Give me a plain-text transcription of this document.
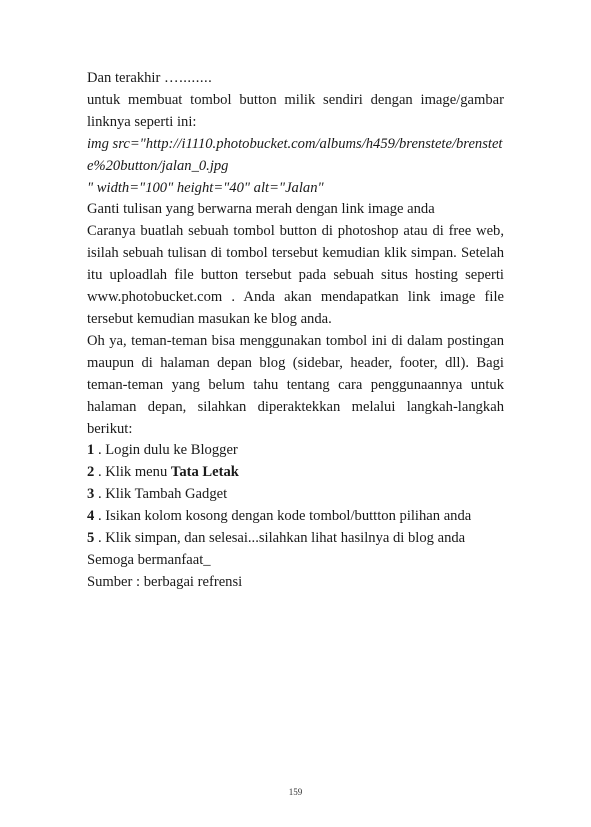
Dan terakhir …........

untuk membuat tombol button milik sendiri dengan image/gambar linknya seperti ini:

img src="http://i1110.photobucket.com/albums/h459/brenstete/brenstete%20button/jalan_0.jpg

" width="100" height="40" alt="Jalan"

Ganti tulisan yang berwarna merah dengan link image anda

Caranya buatlah sebuah tombol button di photoshop atau di free web, isilah sebuah tulisan di tombol tersebut kemudian klik simpan. Setelah itu uploadlah file button tersebut pada sebuah situs hosting seperti www.photobucket.com . Anda akan mendapatkan link image file tersebut kemudian masukan ke blog anda.

Oh ya, teman-teman bisa menggunakan tombol ini di dalam postingan maupun di halaman depan blog (sidebar, header, footer, dll). Bagi teman-teman yang belum tahu tentang cara penggunaannya untuk halaman depan, silahkan diperaktekkan melalui langkah-langkah berikut:

1 . Login dulu ke Blogger

2 . Klik menu Tata Letak

3 . Klik Tambah Gadget

4 . Isikan kolom kosong dengan kode tombol/buttton pilihan anda

5 . Klik simpan, dan selesai...silahkan lihat hasilnya di blog anda

Semoga bermanfaat_

Sumber : berbagai refrensi

159
